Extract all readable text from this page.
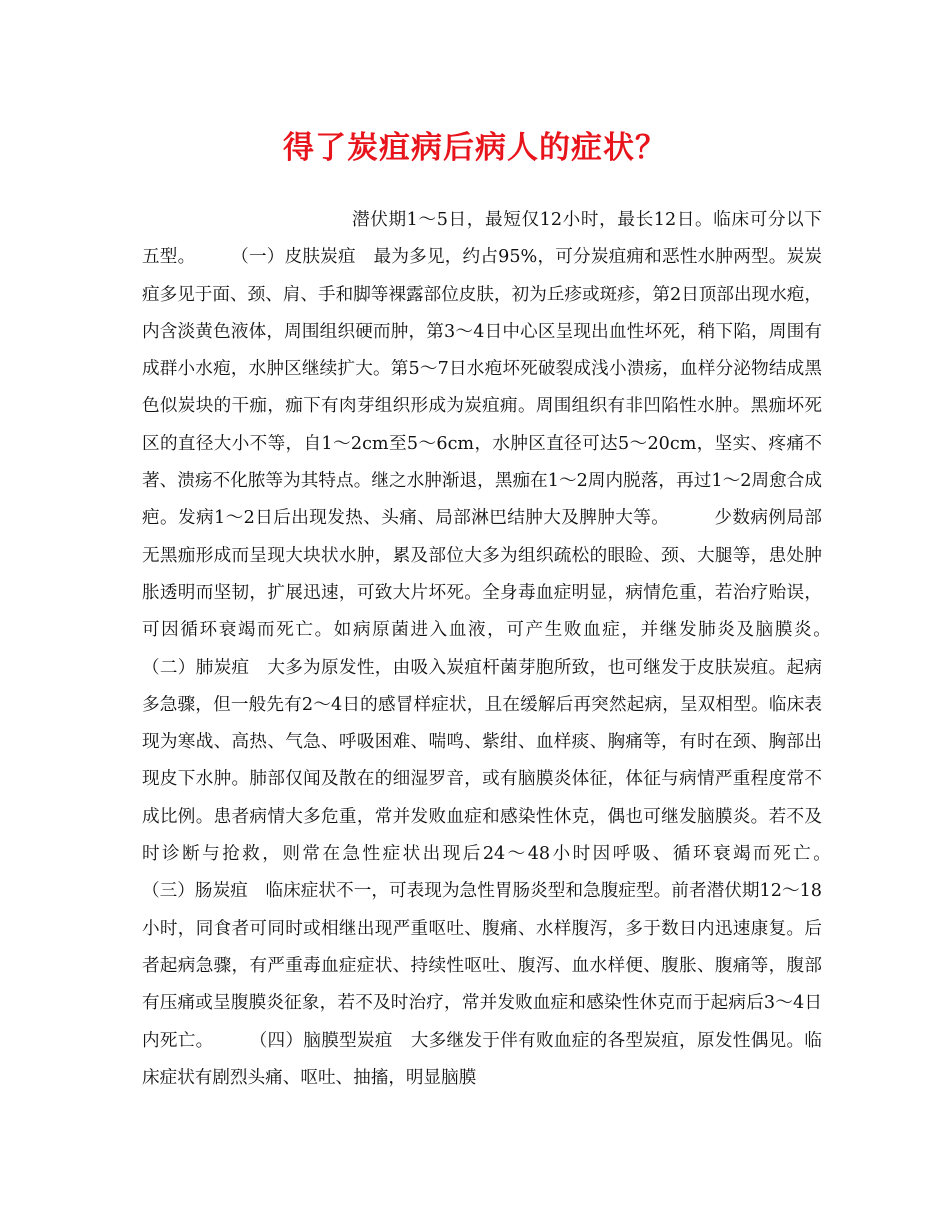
得了炭疽病后病人的症状？

潜伏期1～5日，最短仅12小时，最长12日。临床可分以下五型。　　　（一）皮肤炭疽　最为多见，约占95%，可分炭疽痈和恶性水肿两型。炭炭疽多见于面、颈、肩、手和脚等裸露部位皮肤，初为丘疹或斑疹，第2日顶部出现水疱，内含淡黄色液体，周围组织硬而肿，第3～4日中心区呈现出血性坏死，稍下陷，周围有成群小水疱，水肿区继续扩大。第5～7日水疱坏死破裂成浅小溃疡，血样分泌物结成黑色似炭块的干痂，痂下有肉芽组织形成为炭疽痈。周围组织有非凹陷性水肿。黑痂坏死区的直径大小不等，自1～2cm至5～6cm，水肿区直径可达5～20cm，坚实、疼痛不著、溃疡不化脓等为其特点。继之水肿渐退，黑痂在1～2周内脱落，再过1～2周愈合成疤。发病1～2日后出现发热、头痛、局部淋巴结肿大及脾肿大等。　　　少数病例局部无黑痂形成而呈现大块状水肿，累及部位大多为组织疏松的眼睑、颈、大腿等，患处肿胀透明而坚韧，扩展迅速，可致大片坏死。全身毒血症明显，病情危重，若治疗贻误，可因循环衰竭而死亡。如病原菌进入血液，可产生败血症，并继发肺炎及脑膜炎。　　　（二）肺炭疽　大多为原发性，由吸入炭疽杆菌芽胞所致，也可继发于皮肤炭疽。起病多急骤，但一般先有2～4日的感冒样症状，且在缓解后再突然起病，呈双相型。临床表现为寒战、高热、气急、呼吸困难、喘鸣、紫绀、血样痰、胸痛等，有时在颈、胸部出现皮下水肿。肺部仅闻及散在的细湿罗音，或有脑膜炎体征，体征与病情严重程度常不成比例。患者病情大多危重，常并发败血症和感染性休克，偶也可继发脑膜炎。若不及时诊断与抢救，则常在急性症状出现后24～48小时因呼吸、循环衰竭而死亡。　　　（三）肠炭疽　临床症状不一，可表现为急性胃肠炎型和急腹症型。前者潜伏期12～18小时，同食者可同时或相继出现严重呕吐、腹痛、水样腹泻，多于数日内迅速康复。后者起病急骤，有严重毒血症症状、持续性呕吐、腹泻、血水样便、腹胀、腹痛等，腹部有压痛或呈腹膜炎征象，若不及时治疗，常并发败血症和感染性休克而于起病后3～4日内死亡。　　　（四）脑膜型炭疽　大多继发于伴有败血症的各型炭疽，原发性偶见。临床症状有剧烈头痛、呕吐、抽搐，明显脑膜
